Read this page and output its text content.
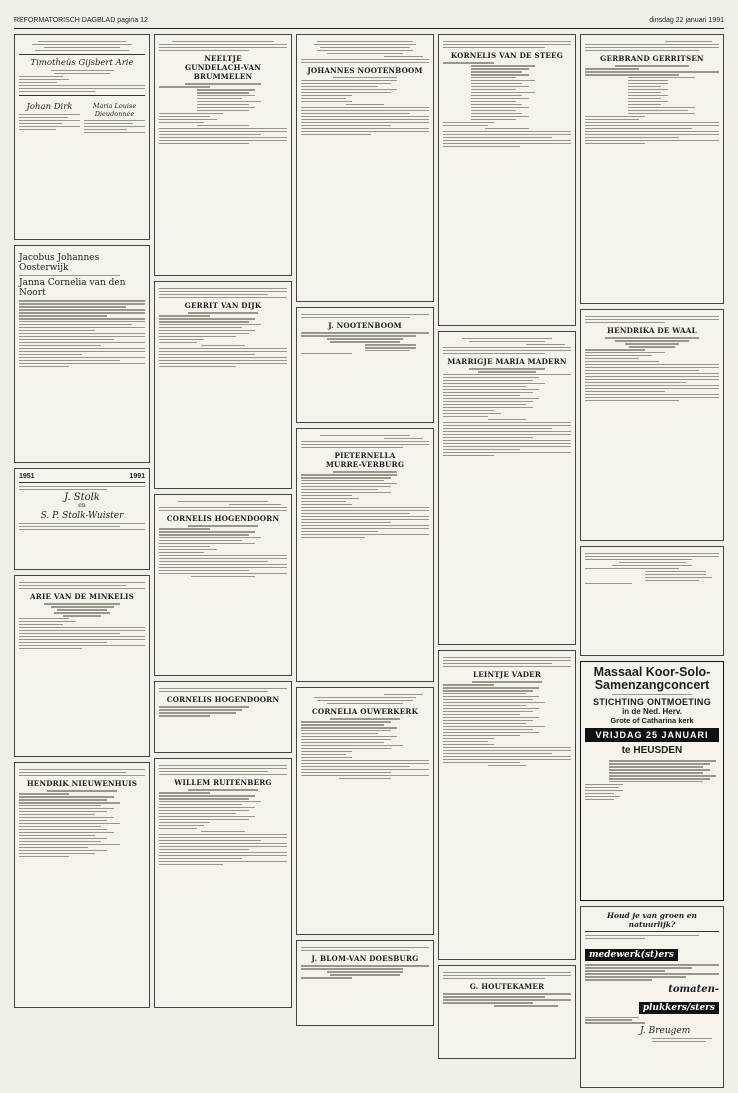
REFORMATORISCH DAGBLAD pagina 12	dinsdag 22 januari 1991
Timotheüs Gijsbert Arie
Johan Dirk	Maria Louise Dieudonnée
Jacobus Johannes Oosterwijk
Janna Cornelia van den Noort
1951	1991
J. Stolk
en
S. P. Stolk-Wuister
ARIE VAN DE MINKELIS
HENDRIK NIEUWENHUIS
NEELTJE
GUNDELACH-VAN BRUMMELEN
GERRIT VAN DIJK
CORNELIS HOGENDOORN
CORNELIS HOGENDOORN
WILLEM RUITENBERG
JOHANNES NOOTENBOOM
J. NOOTENBOOM
PIETERNELLA
MURRE-VERBURG
CORNELIA OUWERKERK
J. BLOM-VAN DOESBURG
KORNELIS VAN DE STEEG
MARRIGJE MARIA MADERN
LEINTJE VADER
G. HOUTEKAMER
GERBRAND GERRITSEN
HENDRIKA DE WAAL
Massaal Koor-Solo-
Samenzangconcert
STICHTING ONTMOETING
in de Ned. Herv.
Grote of Catharina kerk
VRIJDAG 25 JANUARI
te HEUSDEN
Houd je van groen en natuurlijk?
medewerk(st)ers
tomaten-
plukkers/sters
J. Breugem
